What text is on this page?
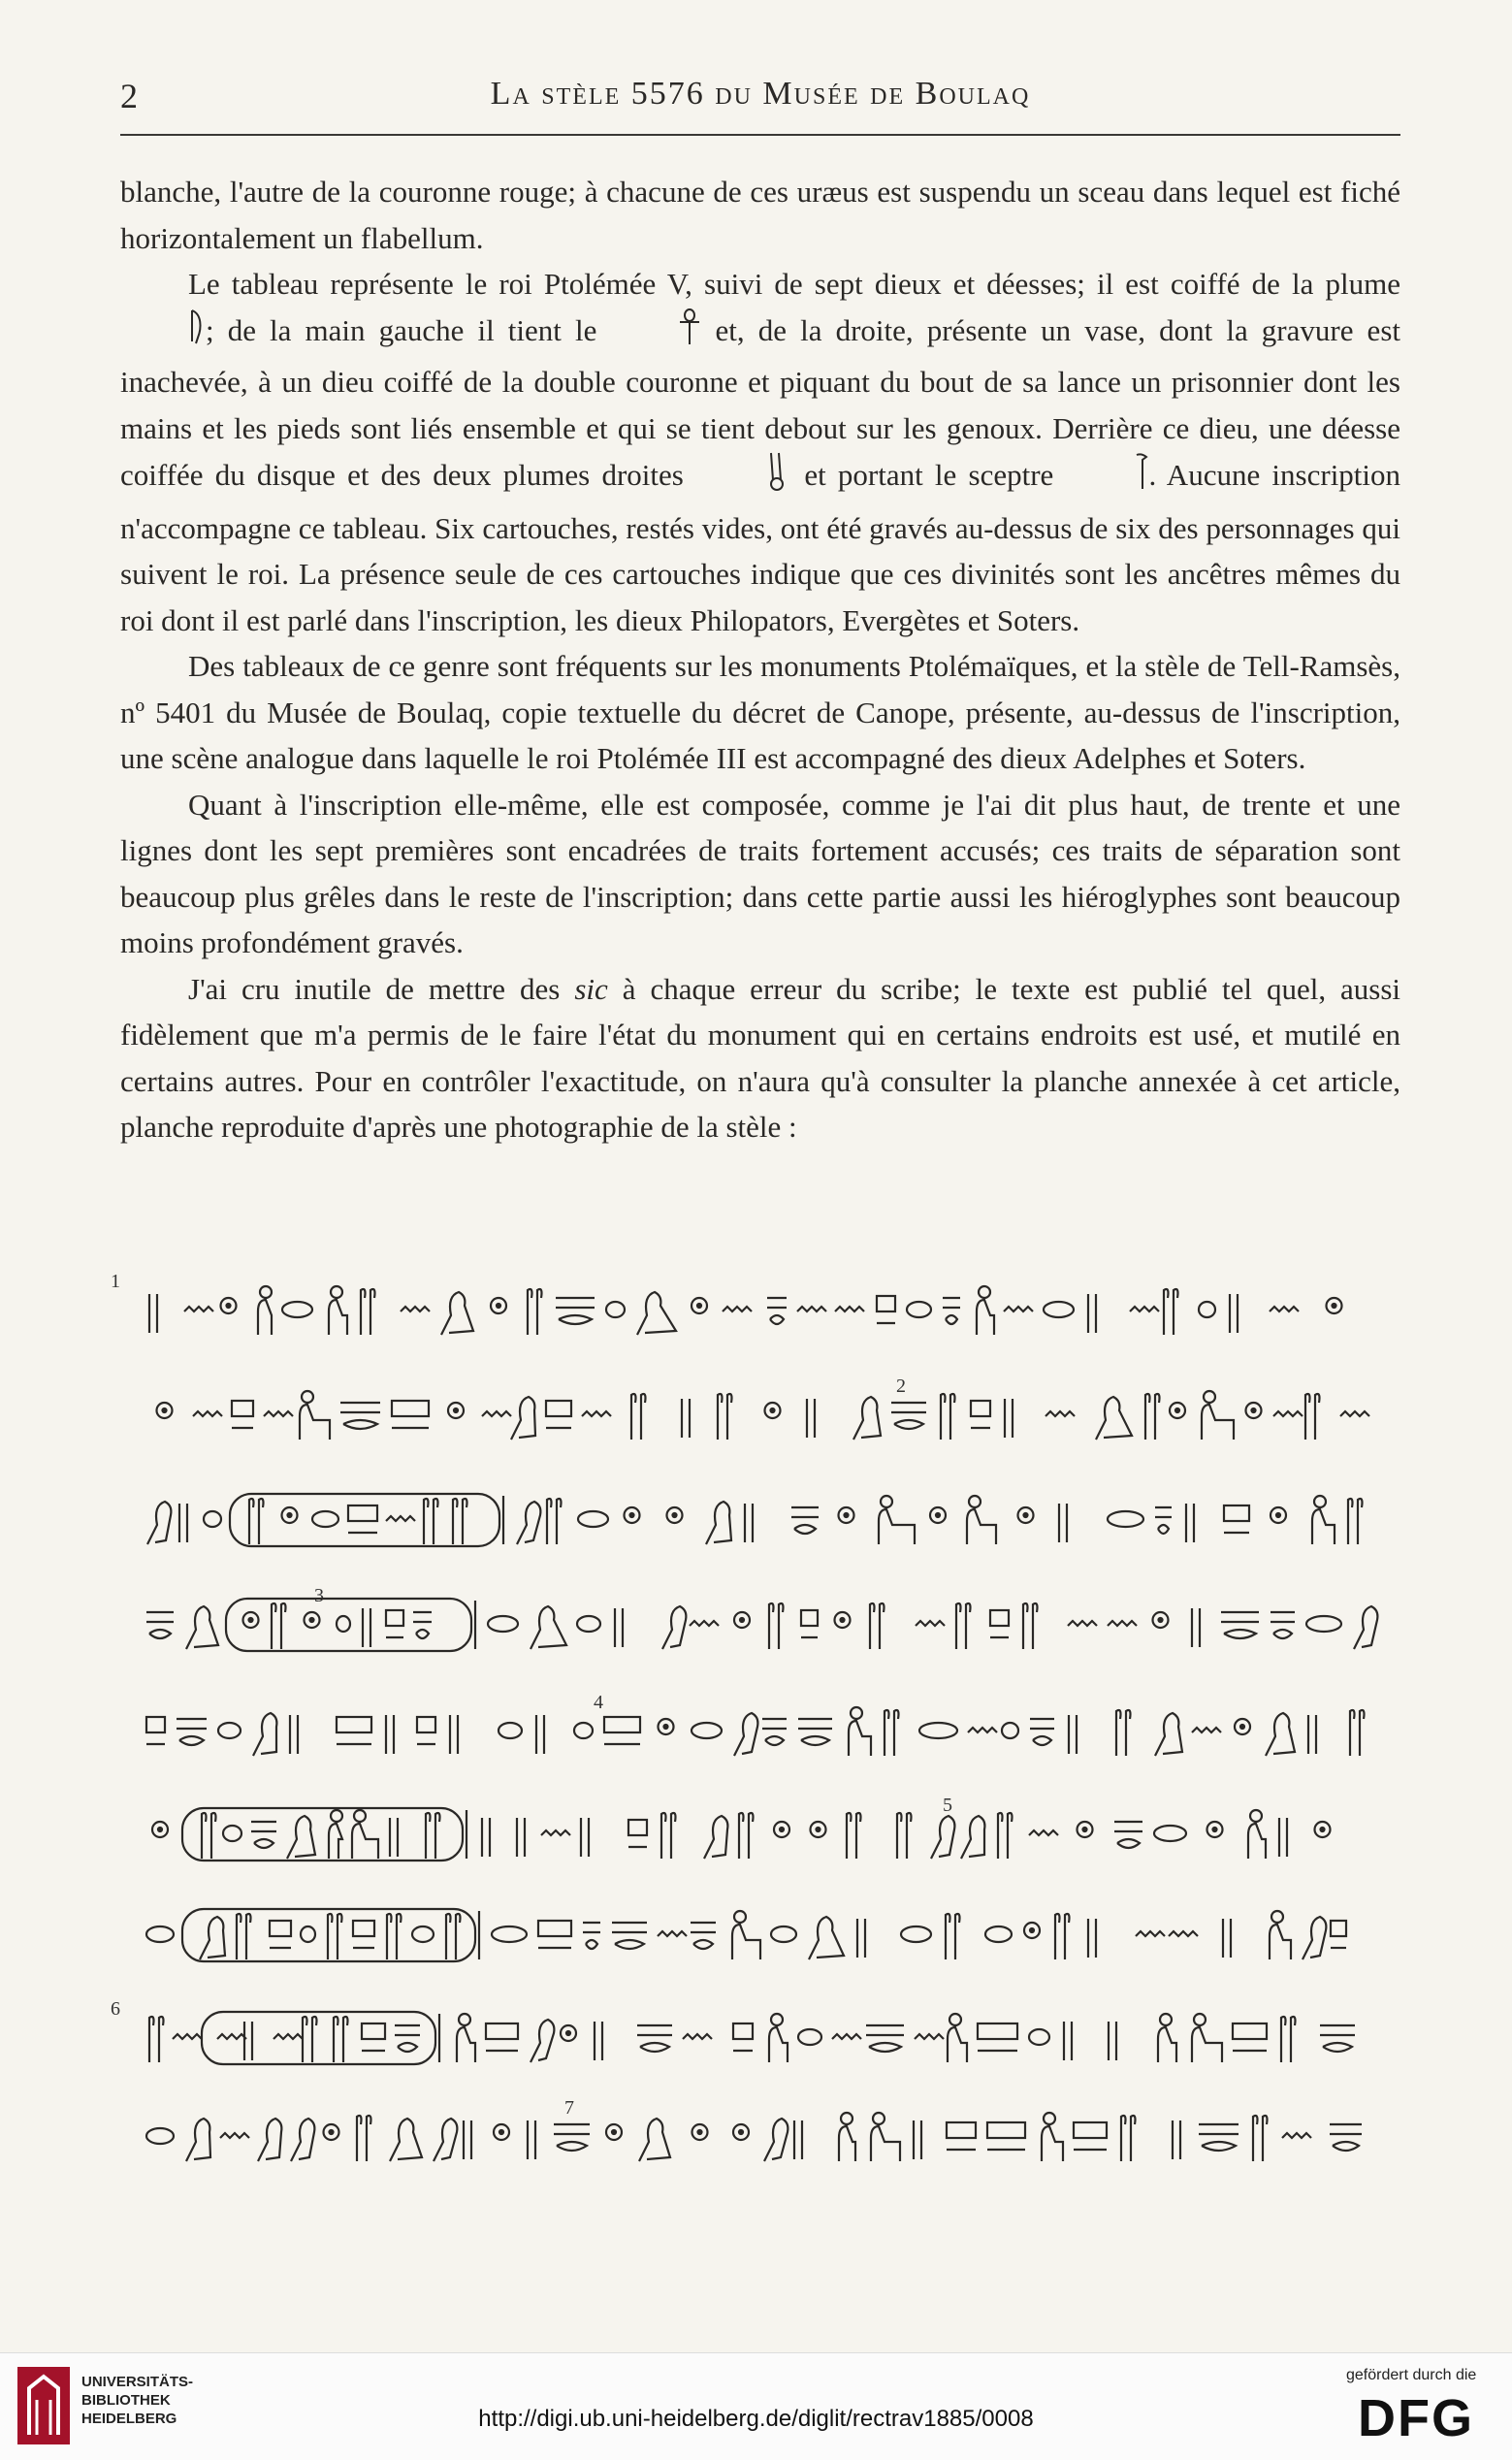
2	La stèle 5576 du Musée de Boulaq

blanche, l'autre de la couronne rouge; à chacune de ces uræus est suspendu un sceau dans lequel est fiché horizontalement un flabellum.

Le tableau représente le roi Ptolémée V, suivi de sept dieux et déesses; il est coiffé de la plume ; de la main gauche il tient le	et, de la droite, présente un vase, dont la gravure est inachevée, à un dieu coiffé de la double couronne et piquant du bout de sa lance un prisonnier dont les mains et les pieds sont liés ensemble et qui se tient debout sur les genoux. Derrière ce dieu, une déesse coiffée du disque et des deux plumes droites	et portant le sceptre	. Aucune inscription n'accompagne ce tableau. Six cartouches, restés vides, ont été gravés au-dessus de six des personnages qui suivent le roi. La présence seule de ces cartouches indique que ces divinités sont les ancêtres mêmes du roi dont il est parlé dans l'inscription, les dieux Philopators, Evergètes et Soters.

Des tableaux de ce genre sont fréquents sur les monuments Ptolémaïques, et la stèle de Tell-Ramsès, nº 5401 du Musée de Boulaq, copie textuelle du décret de Canope, présente, au-dessus de l'inscription, une scène analogue dans laquelle le roi Ptolémée III est accompagné des dieux Adelphes et Soters.

Quant à l'inscription elle-même, elle est composée, comme je l'ai dit plus haut, de trente et une lignes dont les sept premières sont encadrées de traits fortement accusés; ces traits de séparation sont beaucoup plus grêles dans le reste de l'inscription; dans cette partie aussi les hiéroglyphes sont beaucoup moins profondément gravés.

J'ai cru inutile de mettre des sic à chaque erreur du scribe; le texte est publié tel quel, aussi fidèlement que m'a permis de le faire l'état du monument qui en certains endroits est usé, et mutilé en certains autres. Pour en contrôler l'exactitude, on n'aura qu'à consulter la planche annexée à cet article, planche reproduite d'après une photographie de la stèle :

1
2
3
4
5
6
7
UNIVERSITÄTS-
BIBLIOTHEK
HEIDELBERG	http://digi.ub.uni-heidelberg.de/diglit/rectrav1885/0008
gefördert durch die
DFG
